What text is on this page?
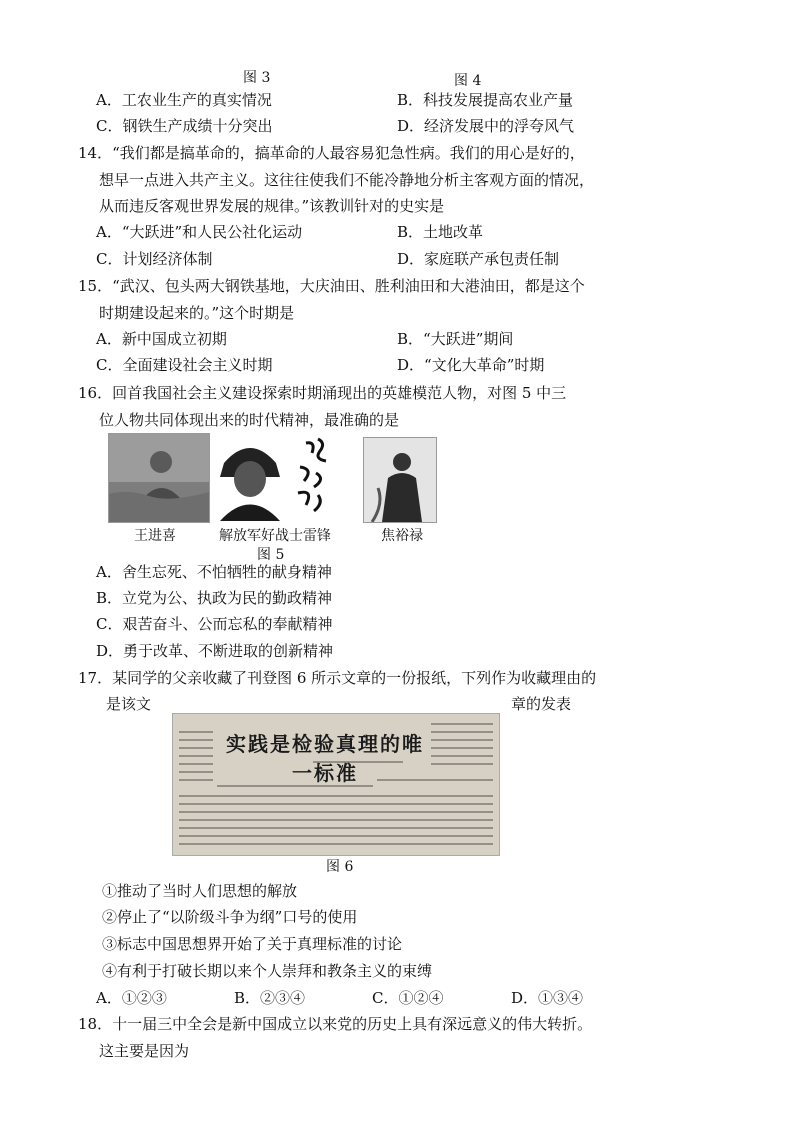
图 3	图 4
A．工农业生产的真实情况	B．科技发展提高农业产量
C．钢铁生产成绩十分突出	D．经济发展中的浮夸风气
14．“我们都是搞革命的，搞革命的人最容易犯急性病。我们的用心是好的，
想早一点进入共产主义。这往往使我们不能冷静地分析主客观方面的情况，
从而违反客观世界发展的规律。”该教训针对的史实是
A．“大跃进”和人民公社化运动	B．土地改革
C．计划经济体制	D．家庭联产承包责任制
15．“武汉、包头两大钢铁基地，大庆油田、胜利油田和大港油田，都是这个
时期建设起来的。”这个时期是
A．新中国成立初期	B．“大跃进”期间
C．全面建设社会主义时期	D．“文化大革命”时期
16．回首我国社会主义建设探索时期涌现出的英雄模范人物，对图 5 中三
位人物共同体现出来的时代精神，最准确的是
王进喜	解放军好战士雷锋	焦裕禄
图 5
A．舍生忘死、不怕牺牲的献身精神
B．立党为公、执政为民的勤政精神
C．艰苦奋斗、公而忘私的奉献精神
D．勇于改革、不断进取的创新精神
17．某同学的父亲收藏了刊登图 6 所示文章的一份报纸，下列作为收藏理由的
是该文	章的发表
实践是检验真理的唯一标准
图 6
①推动了当时人们思想的解放
②停止了“以阶级斗争为纲”口号的使用
③标志中国思想界开始了关于真理标准的讨论
④有利于打破长期以来个人崇拜和教条主义的束缚
A．①②③	B．②③④	C．①②④	D．①③④
18．十一届三中全会是新中国成立以来党的历史上具有深远意义的伟大转折。
这主要是因为
